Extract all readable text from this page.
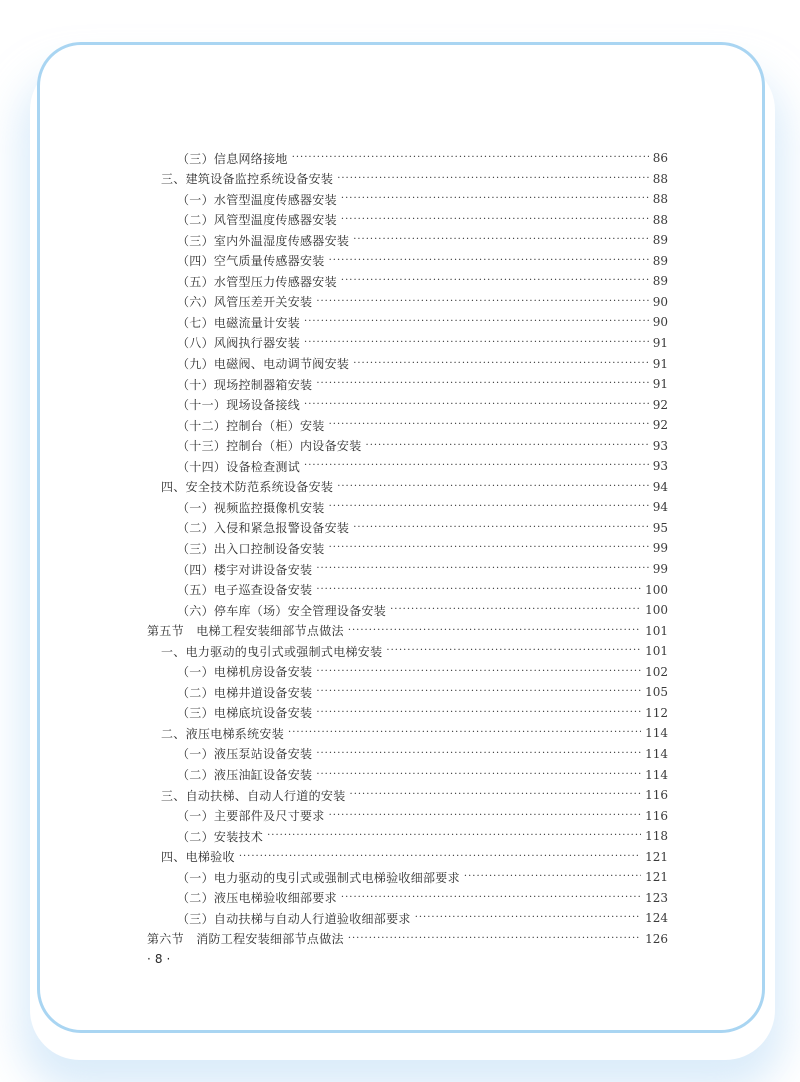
（三）信息网络接地 ·····	86
三、建筑设备监控系统设备安装 ·····	88
（一）水管型温度传感器安装 ·····	88
（二）风管型温度传感器安装 ·····	88
（三）室内外温湿度传感器安装 ·····	89
（四）空气质量传感器安装 ·····	89
（五）水管型压力传感器安装 ·····	89
（六）风管压差开关安装 ·····	90
（七）电磁流量计安装 ·····	90
（八）风阀执行器安装 ·····	91
（九）电磁阀、电动调节阀安装 ·····	91
（十）现场控制器箱安装 ·····	91
（十一）现场设备接线 ·····	92
（十二）控制台（柜）安装 ·····	92
（十三）控制台（柜）内设备安装 ·····	93
（十四）设备检查测试 ·····	93
四、安全技术防范系统设备安装 ·····	94
（一）视频监控摄像机安装 ·····	94
（二）入侵和紧急报警设备安装 ·····	95
（三）出入口控制设备安装 ·····	99
（四）楼宇对讲设备安装 ·····	99
（五）电子巡查设备安装 ·····	100
（六）停车库（场）安全管理设备安装 ·····	100
第五节　电梯工程安装细部节点做法 ·····	101
一、电力驱动的曳引式或强制式电梯安装 ·····	101
（一）电梯机房设备安装 ·····	102
（二）电梯井道设备安装 ·····	105
（三）电梯底坑设备安装 ·····	112
二、液压电梯系统安装 ·····	114
（一）液压泵站设备安装 ·····	114
（二）液压油缸设备安装 ·····	114
三、自动扶梯、自动人行道的安装 ·····	116
（一）主要部件及尺寸要求 ·····	116
（二）安装技术 ·····	118
四、电梯验收 ·····	121
（一）电力驱动的曳引式或强制式电梯验收细部要求 ·····	121
（二）液压电梯验收细部要求 ·····	123
（三）自动扶梯与自动人行道验收细部要求 ·····	124
第六节　消防工程安装细部节点做法 ·····	126
·8·
